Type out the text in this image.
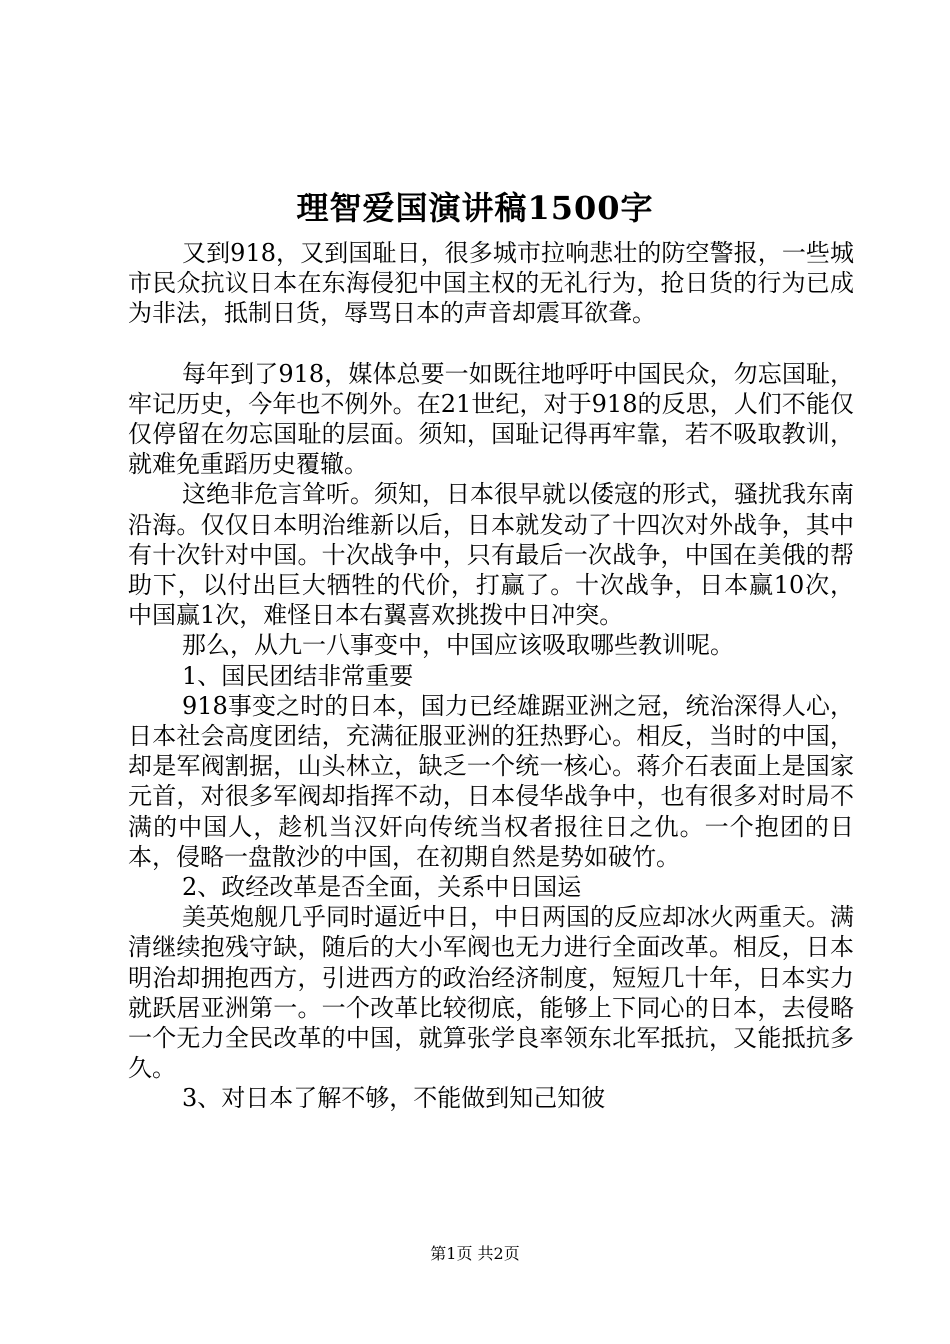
理智爱国演讲稿1500字

又到918，又到国耻日，很多城市拉响悲壮的防空警报，一些城市民众抗议日本在东海侵犯中国主权的无礼行为，抢日货的行为已成为非法，抵制日货，辱骂日本的声音却震耳欲聋。

每年到了918，媒体总要一如既往地呼吁中国民众，勿忘国耻，牢记历史，今年也不例外。在21世纪，对于918的反思，人们不能仅仅停留在勿忘国耻的层面。须知，国耻记得再牢靠，若不吸取教训，就难免重蹈历史覆辙。

这绝非危言耸听。须知，日本很早就以倭寇的形式，骚扰我东南沿海。仅仅日本明治维新以后，日本就发动了十四次对外战争，其中有十次针对中国。十次战争中，只有最后一次战争，中国在美俄的帮助下，以付出巨大牺牲的代价，打赢了。十次战争，日本赢10次，中国赢1次，难怪日本右翼喜欢挑拨中日冲突。

那么，从九一八事变中，中国应该吸取哪些教训呢。

1、国民团结非常重要

918事变之时的日本，国力已经雄踞亚洲之冠，统治深得人心，日本社会高度团结，充满征服亚洲的狂热野心。相反，当时的中国，却是军阀割据，山头林立，缺乏一个统一核心。蒋介石表面上是国家元首，对很多军阀却指挥不动，日本侵华战争中，也有很多对时局不满的中国人，趁机当汉奸向传统当权者报往日之仇。一个抱团的日本，侵略一盘散沙的中国，在初期自然是势如破竹。

2、政经改革是否全面，关系中日国运

美英炮舰几乎同时逼近中日，中日两国的反应却冰火两重天。满清继续抱残守缺，随后的大小军阀也无力进行全面改革。相反，日本明治却拥抱西方，引进西方的政治经济制度，短短几十年，日本实力就跃居亚洲第一。一个改革比较彻底，能够上下同心的日本，去侵略一个无力全民改革的中国，就算张学良率领东北军抵抗，又能抵抗多久。

3、对日本了解不够，不能做到知己知彼

第1页 共2页
